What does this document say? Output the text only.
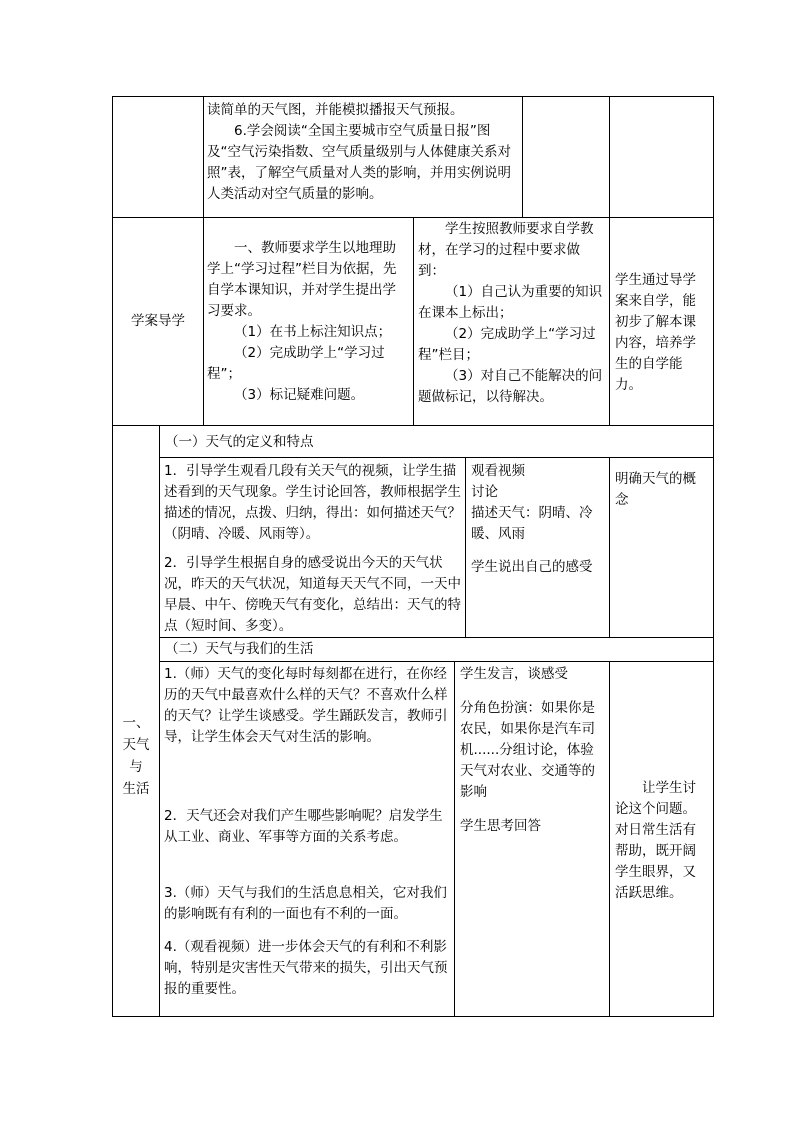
读简单的天气图，并能模拟播报天气预报。

6.学会阅读“全国主要城市空气质量日报”图及“空气污染指数、空气质量级别与人体健康关系对照”表，了解空气质量对人类的影响，并用实例说明人类活动对空气质量的影响。

学案导学

一、教师要求学生以地理助学上“学习过程”栏目为依据，先自学本课知识，并对学生提出学习要求。

（1）在书上标注知识点；

（2）完成助学上“学习过程”；

（3）标记疑难问题。

学生按照教师要求自学教材，在学习的过程中要求做到：

（1）自己认为重要的知识在课本上标出；

（2）完成助学上“学习过程”栏目；

（3）对自己不能解决的问题做标记，以待解决。

学生通过导学案来自学，能初步了解本课内容，培养学生的自学能力。

一、
天气
与
生活
（一）天气的定义和特点

1．引导学生观看几段有关天气的视频，让学生描述看到的天气现象。学生讨论回答，教师根据学生描述的情况，点拨、归纳，得出：如何描述天气？（阴晴、冷暖、风雨等）。

2．引导学生根据自身的感受说出今天的天气状况，昨天的天气状况，知道每天天气不同，一天中早晨、中午、傍晚天气有变化，总结出：天气的特点（短时间、多变）。

观看视频

讨论

描述天气：阴晴、冷暖、风雨

学生说出自己的感受

明确天气的概念

（二）天气与我们的生活

1.（师）天气的变化每时每刻都在进行，在你经历的天气中最喜欢什么样的天气？不喜欢什么样的天气？让学生谈感受。学生踊跃发言，教师引导，让学生体会天气对生活的影响。

2．天气还会对我们产生哪些影响呢？启发学生从工业、商业、军事等方面的关系考虑。

3.（师）天气与我们的生活息息相关，它对我们的影响既有有利的一面也有不利的一面。

4.（观看视频）进一步体会天气的有利和不利影响，特别是灾害性天气带来的损失，引出天气预报的重要性。

学生发言，谈感受

分角色扮演：如果你是农民，如果你是汽车司机......分组讨论，体验天气对农业、交通等的影响

学生思考回答

让学生讨论这个问题。对日常生活有帮助，既开阔学生眼界，又活跃思维。
